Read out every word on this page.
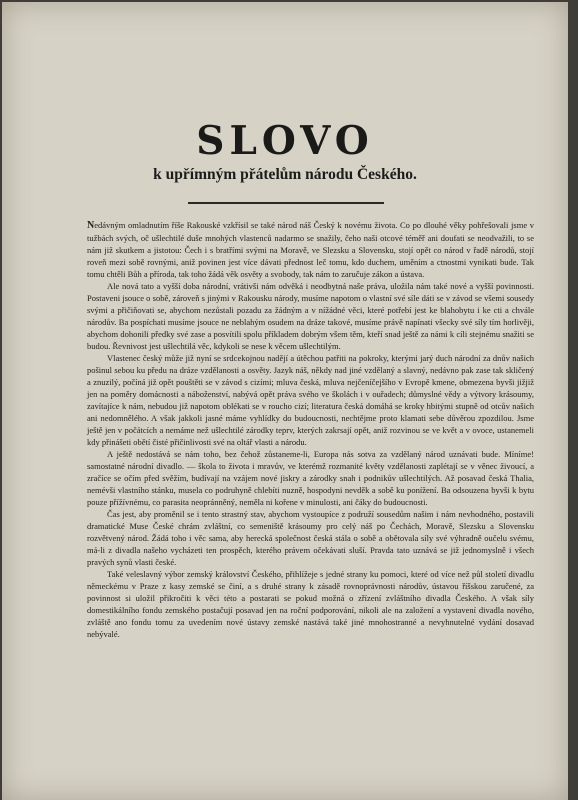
SLOVO
k upřímným přátelům národu Českého.

Nedávným omladnutím říše Rakouské vzkřísil se také národ náš Český k novému života. Co po dlouhé věky pohřešovali jsme v tužbách svých, oč ušlechtilé duše mnohých vlastenců nadarmo se snažily, čeho naši otcové téměř ani doufati se neodvažili, to se nám již skutkem a jistotou: Čech i s bratřími svými na Moravě, ve Slezsku a Slovensku, stojí opět co národ v řadě národů, stojí roveň mezi sobě rovnými, aniž povinen jest více dávati přednost leč tomu, kdo duchem, uměním a ctnostmi vynikati bude. Tak tomu chtěli Bůh a příroda, tak toho žádá věk osvěty a svobody, tak nám to zaručuje zákon a ústava.

Ale nová tato a vyšší doba národní, vrátivši nám odvěká i neodbytná naše práva, uložila nám také nové a vyšší povinnosti. Postaveni jsouce o sobě, zároveň s jinými v Rakousku národy, musíme napotom o vlastní své síle dáti se v závod se všemi sousedy svými a přičiňovati se, abychom nezůstali pozadu za žádným a v nížádné věci, které potřebí jest ke blahobytu i ke cti a chvále národův. Ba pospíchati musíme jsouce ne neblahým osudem na dráze takové, musíme právě napínati všecky své síly tím horlivěji, abychom dohonili předky své zase a posvítili spolu příkladem dobrým všem těm, kteří snad ještě za námi k cíli stejnému snažiti se budou. Řevnivost jest ušlechtilá věc, kdykoli se nese k věcem ušlechtilým.

Vlastenec český může již nyní se srdcekojnou nadějí a útěchou patřiti na pokroky, kterými jarý duch národní za dnův našich pošinul sebou ku předu na dráze vzdělanosti a osvěty. Jazyk náš, někdy nad jiné vzdělaný a slavný, nedávno pak zase tak skličený a znuzilý, počíná již opět pouštěti se v závod s cizími; mluva česká, mluva nejčeníčejšího v Evropě kmene, obmezena byvši jižjiž jen na poměry domácnosti a náboženství, nabývá opět práva svého ve školách i v ouřadech; důmyslné vědy a výtvory krásoumy, zavítajíce k nám, nebudou již napotom oblékati se v roucho cizí; literatura česká domáhá se kroky hbitými stupně od otcův našich ani nedomnělého. A však jakkoli jasné máme vyhlídky do budoucnosti, nechtějme proto klamati sebe důvěrou zpozdilou. Jsme ještě jen v počátcích a nemáme než ušlechtilé zárodky teprv, kterých zakrsají opět, aniž rozvinou se ve květ a v ovoce, ustanemeli kdy přinášeti obětí čisté přičinlivosti své na oltář vlasti a národu.

A ještě nedostává se nám toho, bez čehož zůstaneme-li, Europa nás sotva za vzdělaný národ uznávati bude. Míníme! samostatné národní divadlo. — škola to života i mravův, ve kterémž rozmanité květy vzdělanosti zaplétají se v věnec živoucí, a zračíce se očím před svěžím, budívají na vzájem nové jiskry a zárodky snah i podnikův ušlechtilých. Až posavad česká Thalia, nemévši vlastního stánku, musela co podruhyně chlebíti nuzně, hospodyni nevděk a sobě ku ponížení. Ba odsouzena byvši k bytu pouze přížívnému, co parasita neopránněný, neměla ni kořene v minulosti, ani čáky do budoucnosti.

Čas jest, aby proměnil se i tento strastný stav, abychom vystoupíce z podruží sousedům našim i nám nevhodného, postavili dramatické Muse České chrám zvláštní, co semeniště krásoumy pro celý náš po Čechách, Moravě, Slezsku a Slovensku rozvětvený národ. Žádá toho i věc sama, aby herecká společnost česká stála o sobě a obětovala síly své výhradně oučelu svému, má-li z divadla našeho vycházeti ten prospěch, kterého právem očekávati sluší. Pravda tato uznává se již jednomyslně i všech pravých synů vlasti české.

Také veleslavný výbor zemský království Českého, přihlížeje s jedné strany ku pomoci, které od více než půl století divadlu německému v Praze z kasy zemské se činí, a s druhé strany k zásadě rovnoprávnosti národův, ústavou říšskou zaručené, za povinnost si uložil přikročiti k věci této a postarati se pokud možná o zřízení zvláštního divadla Českého. A však síly domestikálního fondu zemského postačují posavad jen na roční podporování, nikoli ale na založení a vystavení divadla nového, zvláště ano fondu tomu za uvedením nové ústavy zemské nastává také jiné mnohostranné a nevyhnutelné vydání dosavad nebývalé.
